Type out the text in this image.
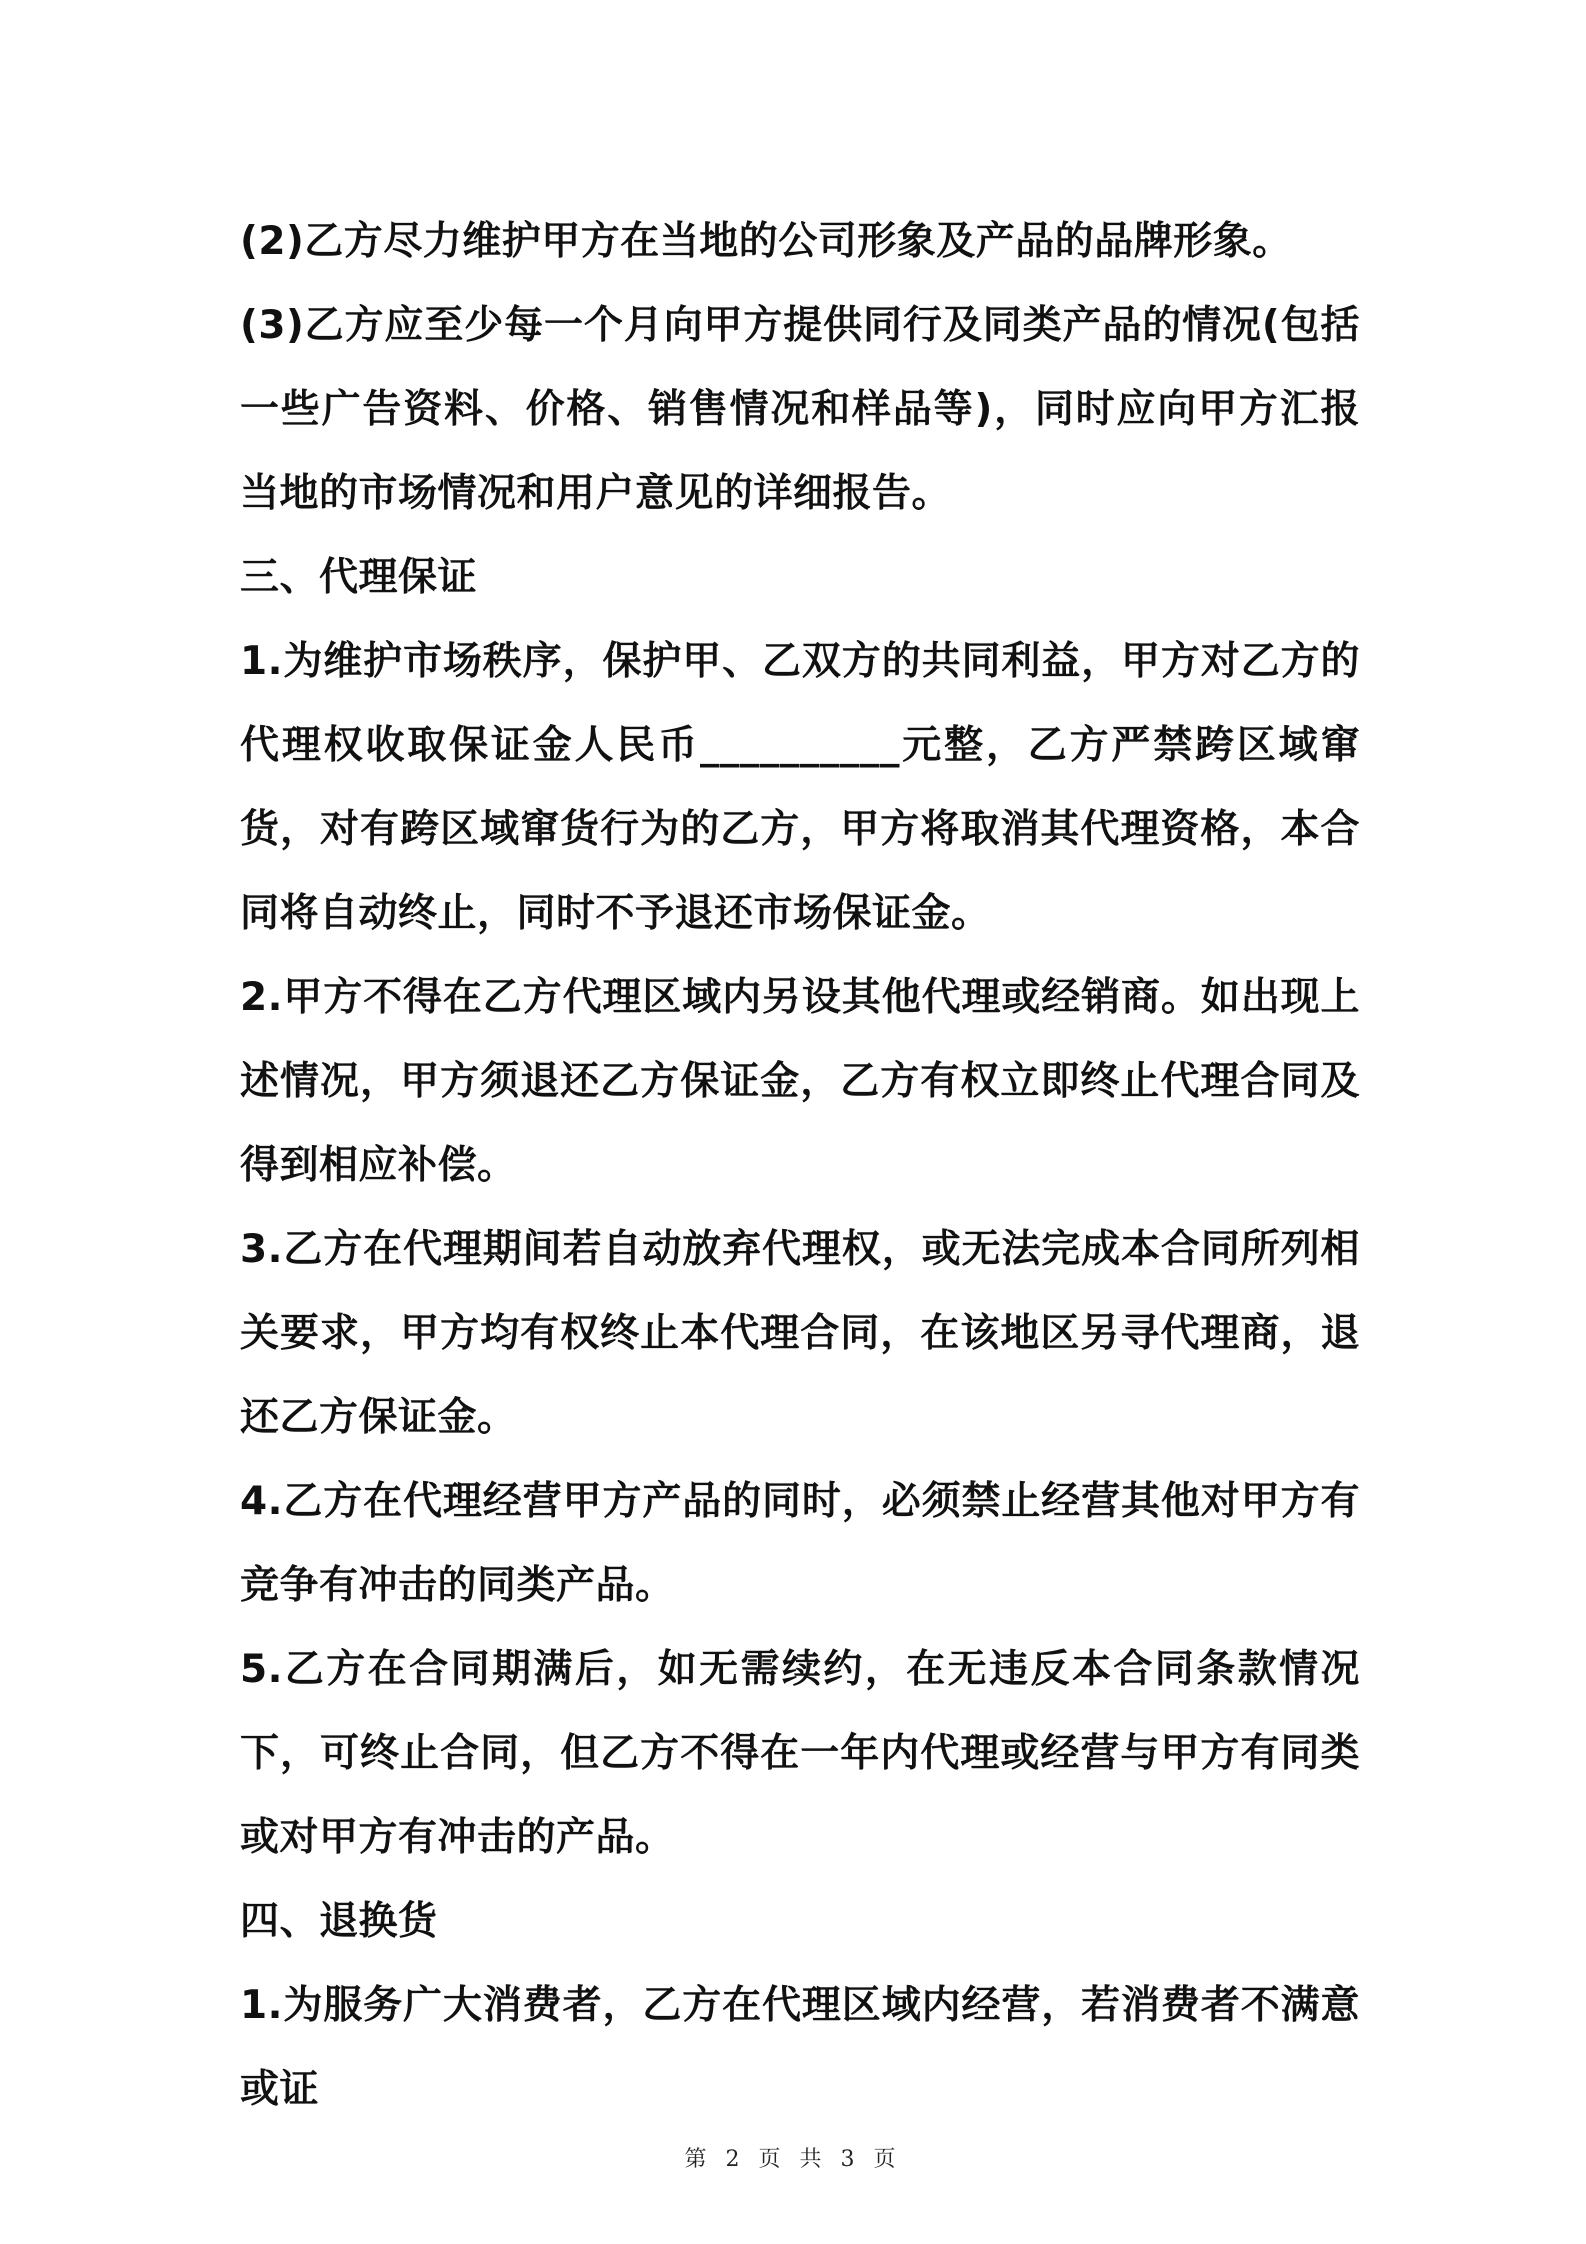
(2)乙方尽力维护甲方在当地的公司形象及产品的品牌形象。

(3)乙方应至少每一个月向甲方提供同行及同类产品的情况(包括一些广告资料、价格、销售情况和样品等)，同时应向甲方汇报当地的市场情况和用户意见的详细报告。

三、代理保证

1.为维护市场秩序，保护甲、乙双方的共同利益，甲方对乙方的代理权收取保证金人民币__________元整，乙方严禁跨区域窜货，对有跨区域窜货行为的乙方，甲方将取消其代理资格，本合同将自动终止，同时不予退还市场保证金。

2.甲方不得在乙方代理区域内另设其他代理或经销商。如出现上述情况，甲方须退还乙方保证金，乙方有权立即终止代理合同及得到相应补偿。

3.乙方在代理期间若自动放弃代理权，或无法完成本合同所列相关要求，甲方均有权终止本代理合同，在该地区另寻代理商，退还乙方保证金。

4.乙方在代理经营甲方产品的同时，必须禁止经营其他对甲方有竞争有冲击的同类产品。

5.乙方在合同期满后，如无需续约，在无违反本合同条款情况下，可终止合同，但乙方不得在一年内代理或经营与甲方有同类或对甲方有冲击的产品。

四、退换货

1.为服务广大消费者，乙方在代理区域内经营，若消费者不满意或证

第 2 页 共 3 页
